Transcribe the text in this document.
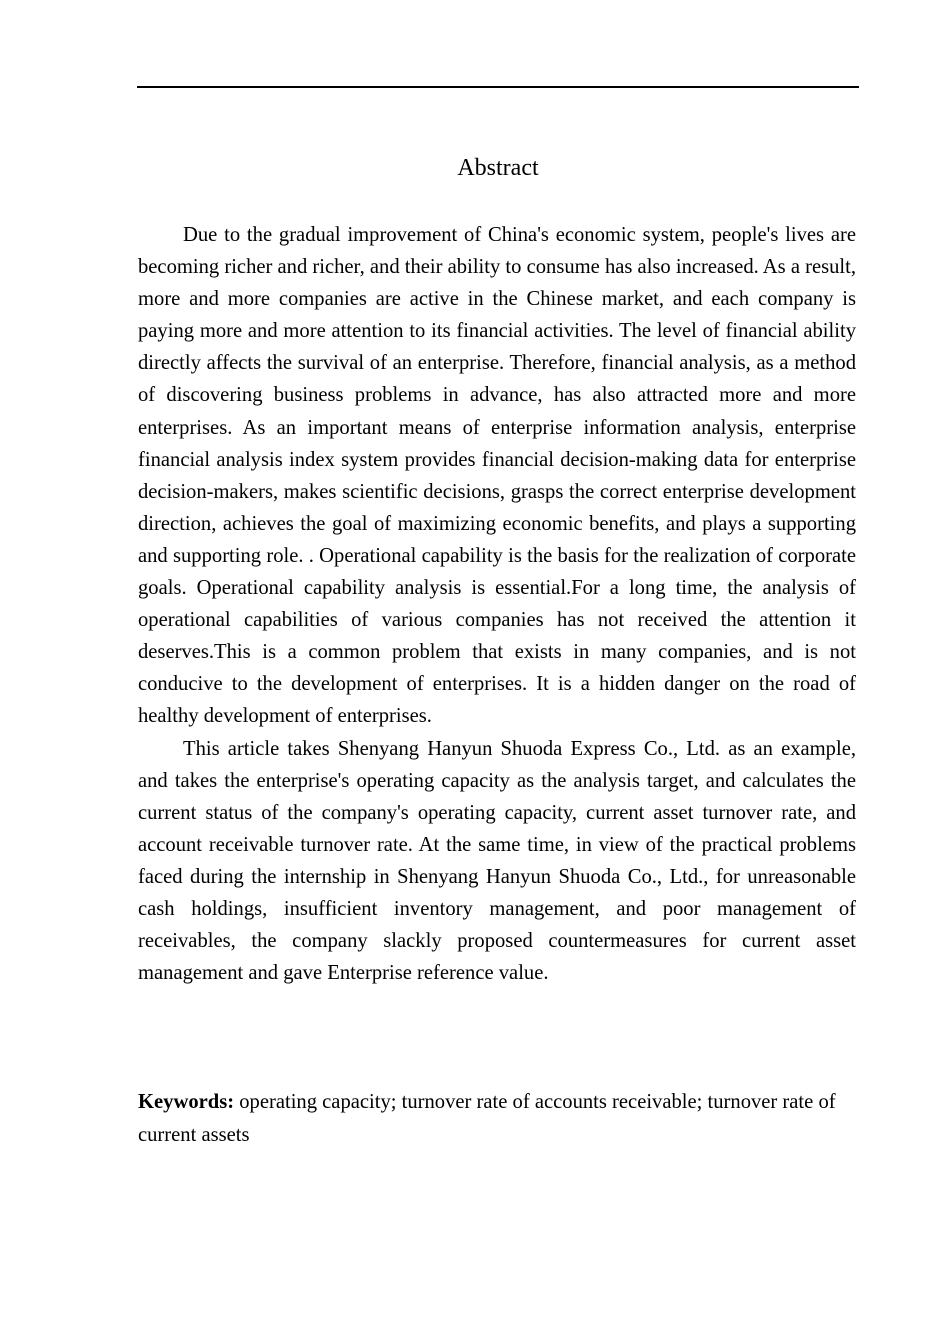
Abstract

Due to the gradual improvement of China's economic system, people's lives are becoming richer and richer, and their ability to consume has also increased. As a result, more and more companies are active in the Chinese market, and each company is paying more and more attention to its financial activities. The level of financial ability directly affects the survival of an enterprise. Therefore, financial analysis, as a method of discovering business problems in advance, has also attracted more and more enterprises. As an important means of enterprise information analysis, enterprise financial analysis index system provides financial decision-making data for enterprise decision-makers, makes scientific decisions, grasps the correct enterprise development direction, achieves the goal of maximizing economic benefits, and plays a supporting and supporting role. . Operational capability is the basis for the realization of corporate goals. Operational capability analysis is essential.For a long time, the analysis of operational capabilities of various companies has not received the attention it deserves.This is a common problem that exists in many companies, and is not conducive to the development of enterprises. It is a hidden danger on the road of healthy development of enterprises.

This article takes Shenyang Hanyun Shuoda Express Co., Ltd. as an example, and takes the enterprise's operating capacity as the analysis target, and calculates the current status of the company's operating capacity, current asset turnover rate, and account receivable turnover rate. At the same time, in view of the practical problems faced during the internship in Shenyang Hanyun Shuoda Co., Ltd., for unreasonable cash holdings, insufficient inventory management, and poor management of receivables, the company slackly proposed countermeasures for current asset management and gave Enterprise reference value.

Keywords: operating capacity; turnover rate of accounts receivable; turnover rate of current assets
